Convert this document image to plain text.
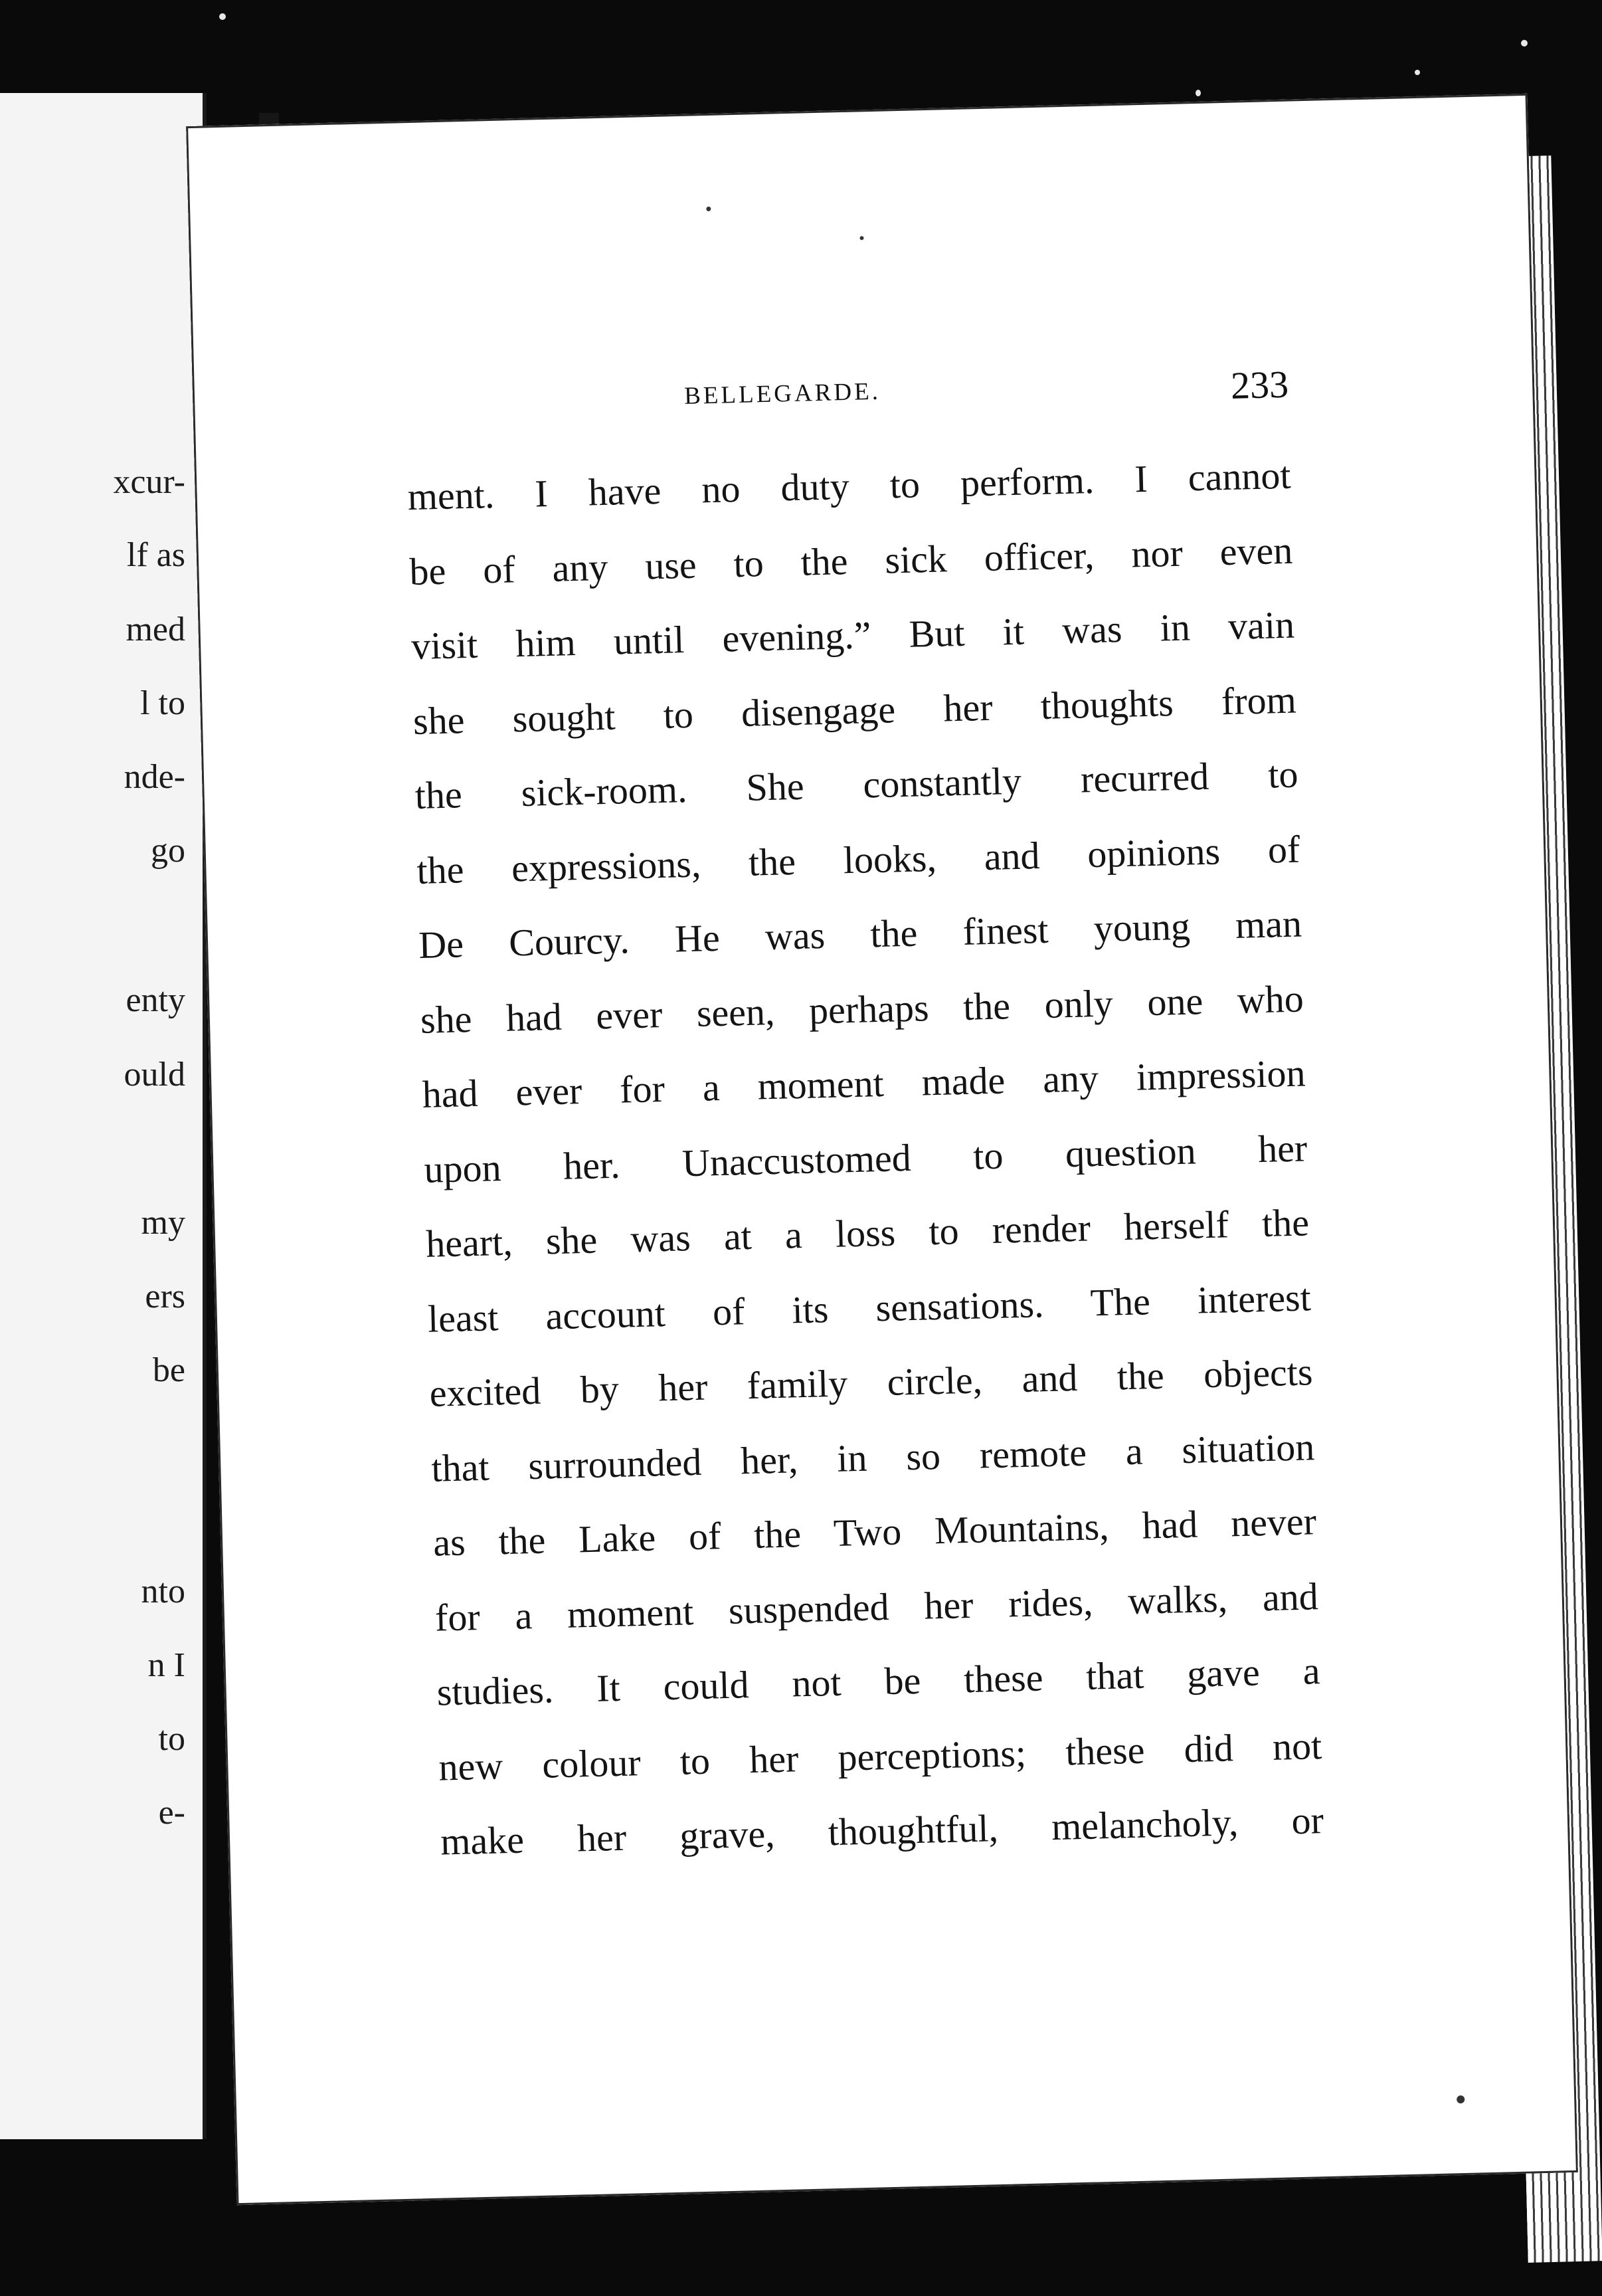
xcur-
lf as
med
l to
nde-
go
enty
ould
my
ers
be
nto
n I
to
e-
BELLEGARDE.	233
ment. I have no duty to perform. I cannot
be of any use to the sick officer, nor even
visit him until evening.” But it was in vain
she sought to disengage her thoughts from
the sick-room. She constantly recurred to
the expressions, the looks, and opinions of
De Courcy. He was the finest young man
she had ever seen, perhaps the only one who
had ever for a moment made any impression
upon her. Unaccustomed to question her
heart, she was at a loss to render herself the
least account of its sensations. The interest
excited by her family circle, and the objects
that surrounded her, in so remote a situation
as the Lake of the Two Mountains, had never
for a moment suspended her rides, walks, and
studies. It could not be these that gave a
new colour to her perceptions; these did not
make her grave, thoughtful, melancholy, or
